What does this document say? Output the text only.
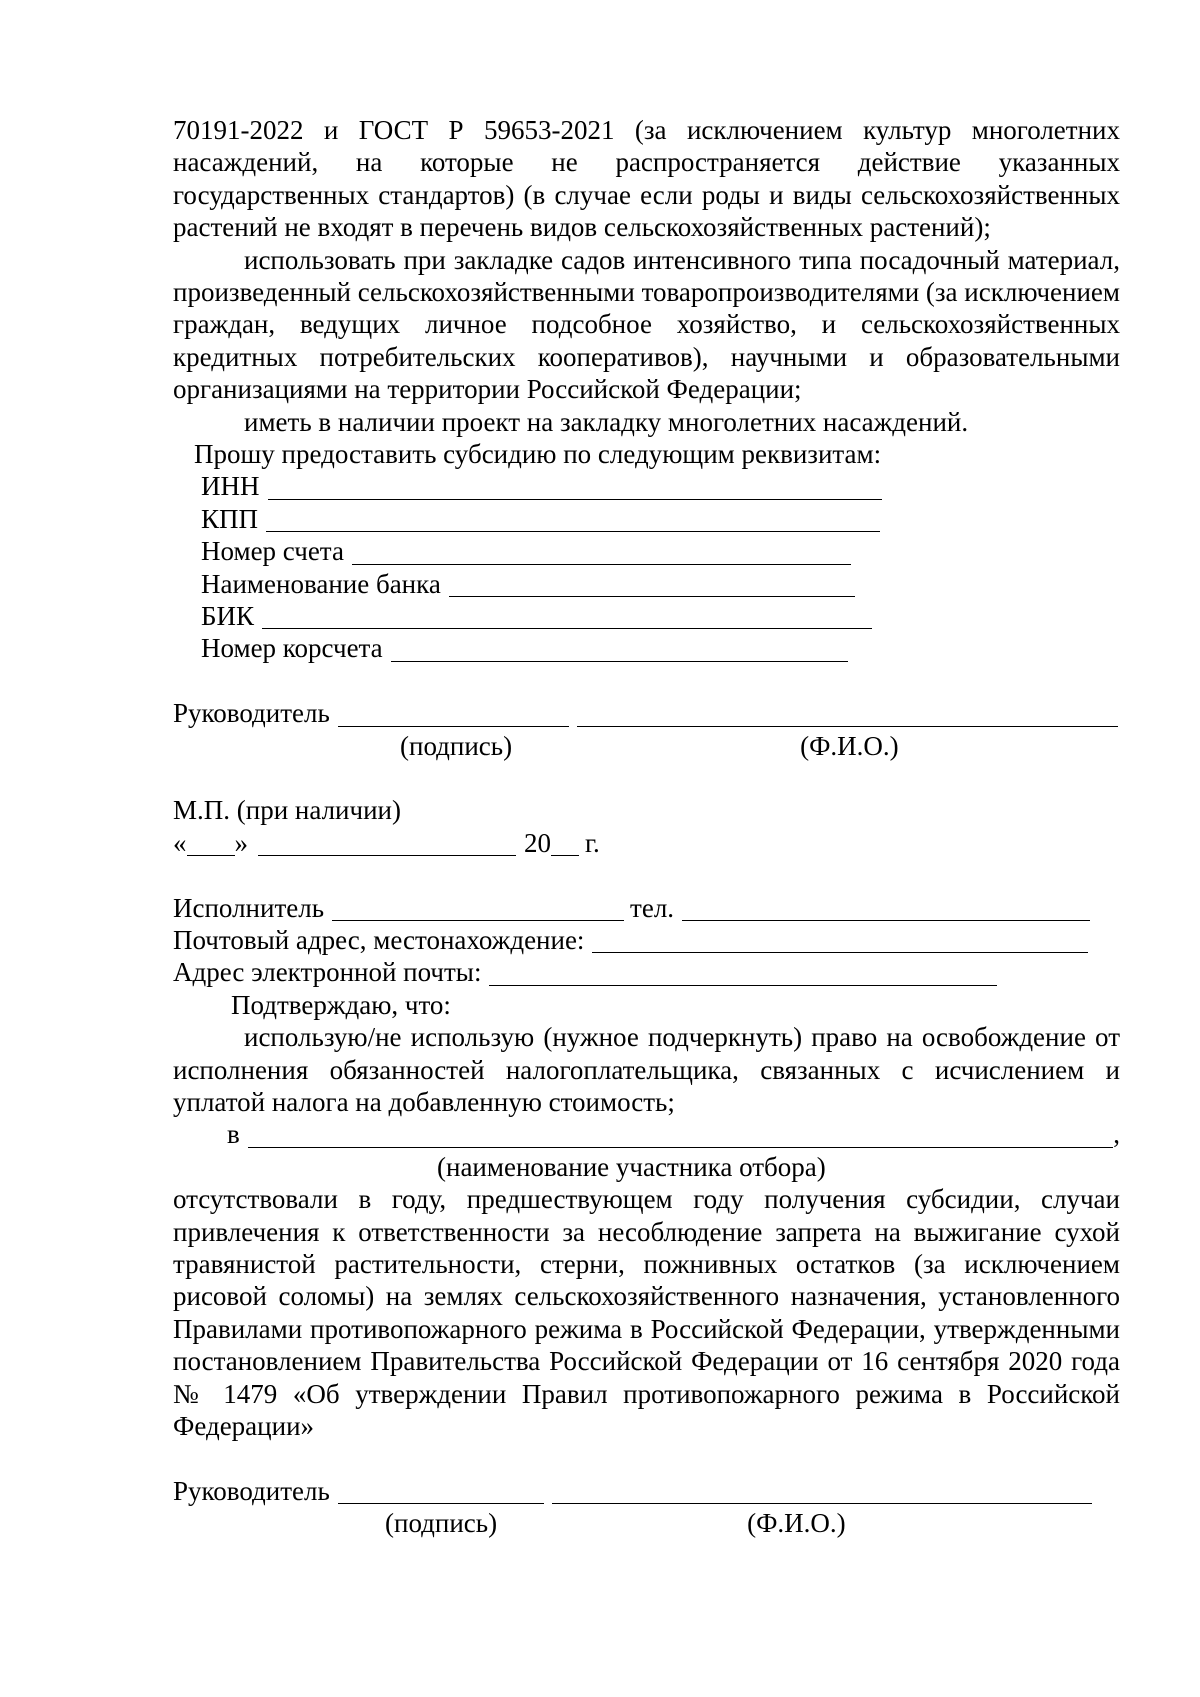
70191-2022 и ГОСТ Р 59653-2021 (за исключением культур многолетних насаждений, на которые не распространяется действие указанных государственных стандартов) (в случае если роды и виды сельскохозяйственных растений не входят в перечень видов сельскохозяйственных растений);

использовать при закладке садов интенсивного типа посадочный материал, произведенный сельскохозяйственными товаропроизводителями (за исключением граждан, ведущих личное подсобное хозяйство, и сельскохозяйственных кредитных потребительских кооперативов), научными и образовательными организациями на территории Российской Федерации;

иметь в наличии проект на закладку многолетних насаждений.

Прошу предоставить субсидию по следующим реквизитам:

ИНН
КПП
Номер счета
Наименование банка
БИК
Номер корсчета
Руководитель
(подпись)	(Ф.И.О.)

М.П. (при наличии)

« »	20 г.
Исполнитель	тел.
Почтовый адрес, местонахождение:
Адрес электронной почты:

Подтверждаю, что:

использую/не использую (нужное подчеркнуть) право на освобождение от исполнения обязанностей налогоплательщика, связанных с исчислением и уплатой налога на добавленную стоимость;

в	,
(наименование участника отбора)

отсутствовали в году, предшествующем году получения субсидии, случаи привлечения к ответственности за несоблюдение запрета на выжигание сухой травянистой растительности, стерни, пожнивных остатков (за исключением рисовой соломы) на землях сельскохозяйственного назначения, установленного Правилами противопожарного режима в Российской Федерации, утвержденными постановлением Правительства Российской Федерации от 16 сентября 2020 года № 1479 «Об утверждении Правил противопожарного режима в Российской Федерации»

Руководитель
(подпись)	(Ф.И.О.)
